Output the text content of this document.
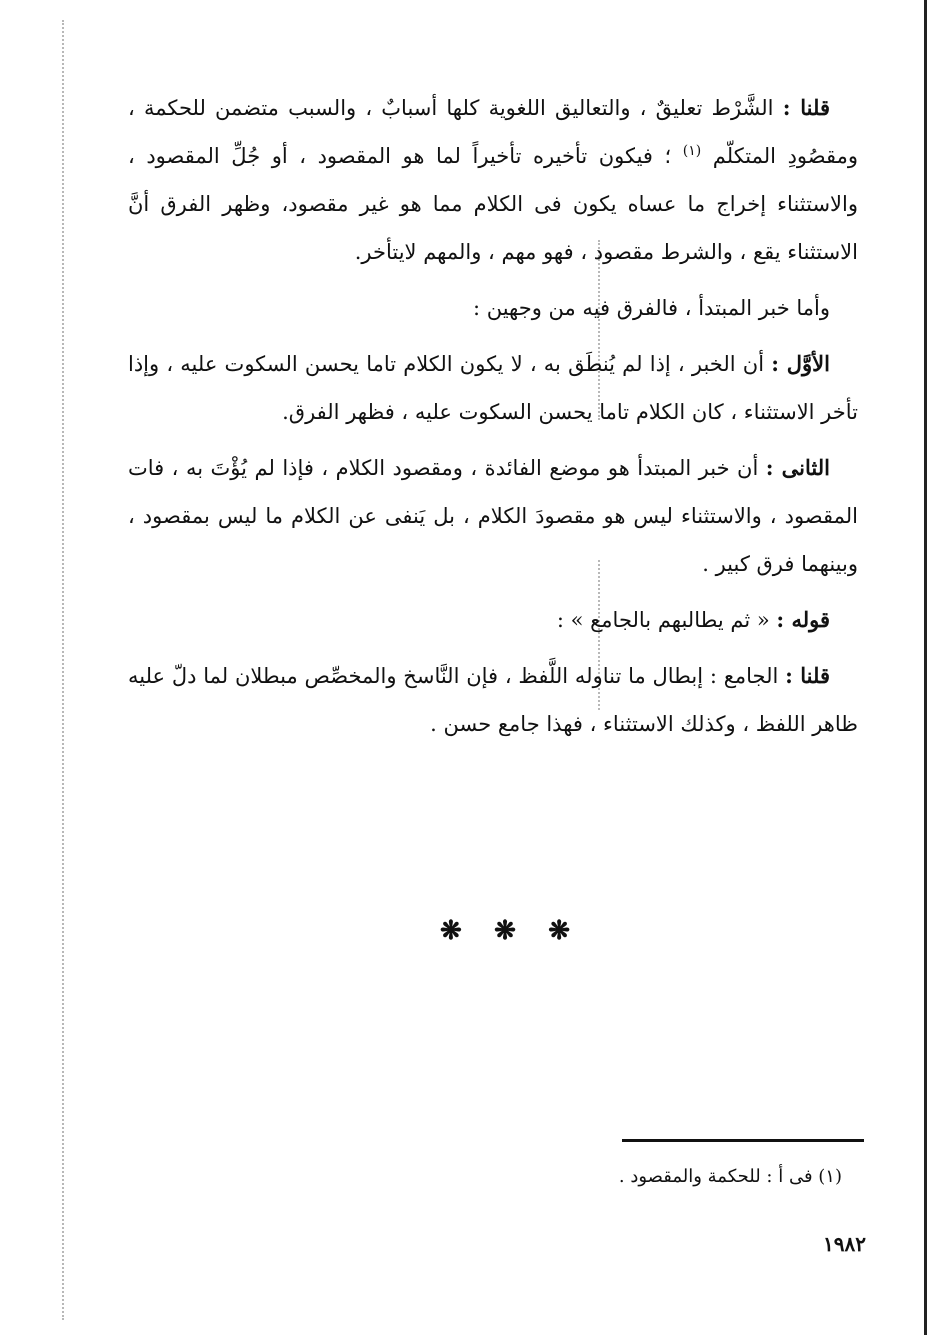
قلنا : الشَّرْط تعليقٌ ، والتعاليق اللغوية كلها أسبابٌ ، والسبب متضمن للحكمة ، ومقصُودِ المتكلّم $^{(١)}$ ؛ فيكون تأخيره تأخيراً لما هو المقصود ، أو جُلِّ المقصود ، والاستثناء إخراج ما عساه يكون فى الكلام مما هو غير مقصود، وظهر الفرق أنَّ الاستثناء يقع ، والشرط مقصود ، فهو مهم ، والمهم لايتأخر.

وأما خبر المبتدأ ، فالفرق فيه من وجهين :

الأوَّل : أن الخبر ، إذا لم يُنطَق به ، لا يكون الكلام تاما يحسن السكوت عليه ، وإذا تأخر الاستثناء ، كان الكلام تاما يحسن السكوت عليه ، فظهر الفرق.

الثانى : أن خبر المبتدأ هو موضع الفائدة ، ومقصود الكلام ، فإذا لم يُؤْتَ به ، فات المقصود ، والاستثناء ليس هو مقصودَ الكلام ، بل يَنفى عن الكلام ما ليس بمقصود ، وبينهما فرق كبير .

قوله : « ثم يطالبهم بالجامع » :

قلنا : الجامع : إبطال ما تناوله اللَّفظ ، فإن النَّاسخ والمخصِّص مبطلان لما دلّ عليه ظاهر اللفظ ، وكذلك الاستثناء ، فهذا جامع حسن .

❋ ❋ ❋
(١) فى أ : للحكمة والمقصود .
١٩٨٢
